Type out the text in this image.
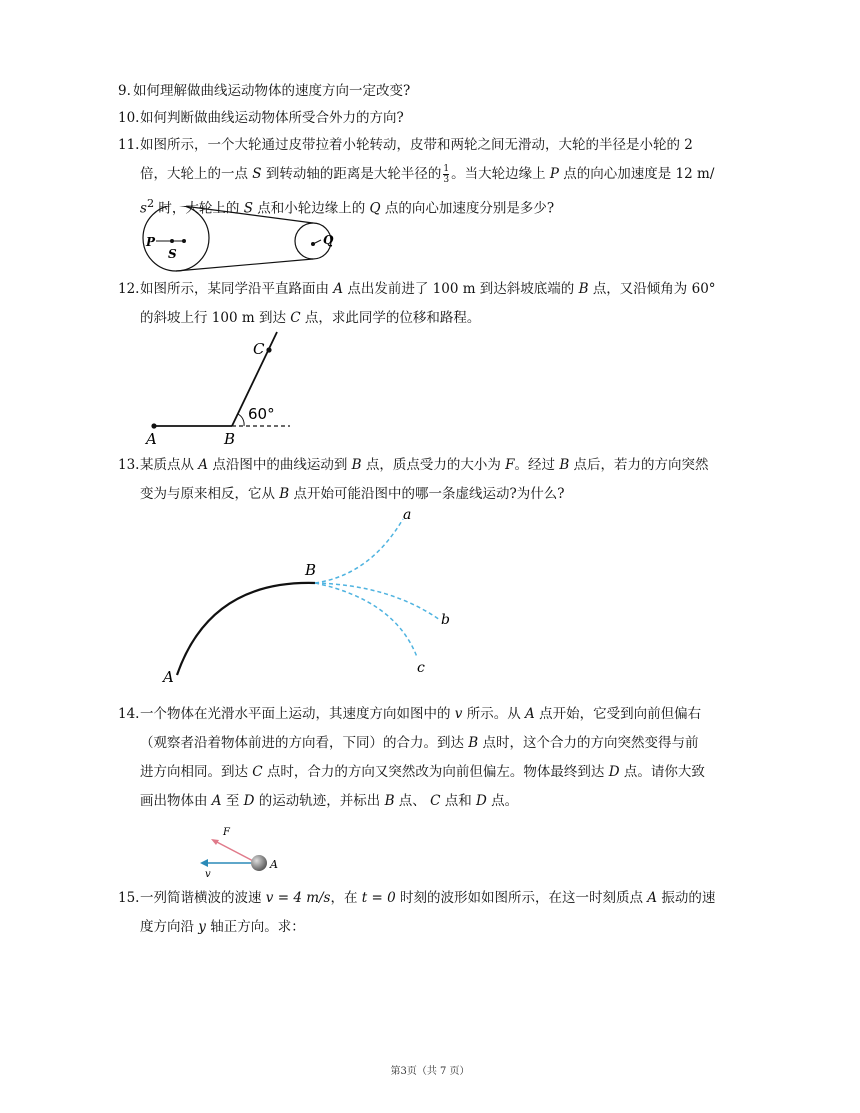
9. 如何理解做曲线运动物体的速度方向一定改变?
10. 如何判断做曲线运动物体所受合外力的方向?
11. 如图所示，一个大轮通过皮带拉着小轮转动，皮带和两轮之间无滑动，大轮的半径是小轮的 2
倍，大轮上的一点 S 到转动轴的距离是大轮半径的 $\frac{1}{3}$ 。当大轮边缘上 P 点的向心加速度是 12 m/
$s^2$ 时，大轮上的 S 点和小轮边缘上的 Q 点的向心加速度分别是多少?
P
S
Q
12. 如图所示，某同学沿平直路面由 A 点出发前进了 100 m 到达斜坡底端的 B 点，又沿倾角为 60°
的斜坡上行 100 m 到达 C 点，求此同学的位移和路程。
A	B
C
60°
13. 某质点从 A 点沿图中的曲线运动到 B 点，质点受力的大小为 F。经过 B 点后，若力的方向突然
变为与原来相反，它从 B 点开始可能沿图中的哪一条虚线运动?为什么?
A
B
a
b
c
14. 一个物体在光滑水平面上运动，其速度方向如图中的 v 所示。从 A 点开始，它受到向前但偏右
（观察者沿着物体前进的方向看，下同）的合力。到达 B 点时，这个合力的方向突然变得与前
进方向相同。到达 C 点时，合力的方向又突然改为向前但偏左。物体最终到达 D 点。请你大致
画出物体由 A 至 D 的运动轨迹，并标出 B 点、 C 点和 D 点。
F
v
A
15. 一列简谐横波的波速 v = 4 m/s，在 t = 0 时刻的波形如如图所示，在这一时刻质点 A 振动的速
度方向沿 y 轴正方向。求：
第3页（共 7 页）
